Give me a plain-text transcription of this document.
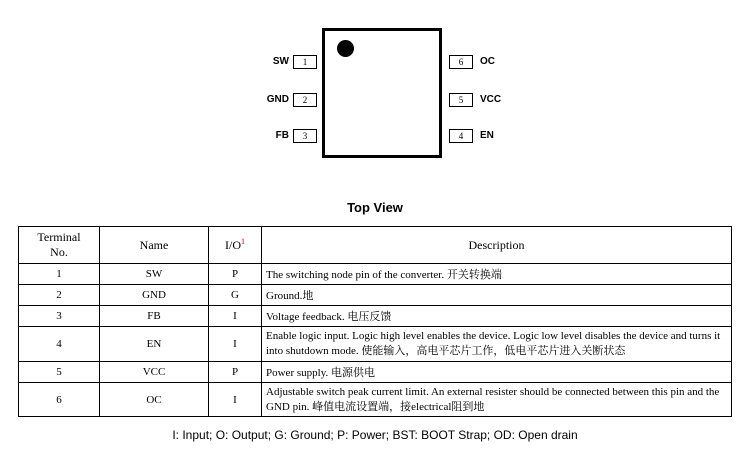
SW	1
GND	2
FB	3
6	OC
5	VCC
4	EN
Top View
Terminal
No.	Name	$I/O^1$	Description
1	SW	P	The switching node pin of the converter. 开关转换端
2	GND	G	Ground.地
3	FB	I	Voltage feedback. 电压反馈
4	EN	I	Enable logic input. Logic high level enables the device. Logic low level disables the device and turns it into shutdown mode. 使能输入，高电平芯片工作，低电平芯片进入关断状态
5	VCC	P	Power supply. 电源供电
6	OC	I	Adjustable switch peak current limit. An external resister should be connected between this pin and the GND pin. 峰值电流设置端，接electrical阻到地
I: Input; O: Output; G: Ground; P: Power; BST: BOOT Strap; OD: Open drain
